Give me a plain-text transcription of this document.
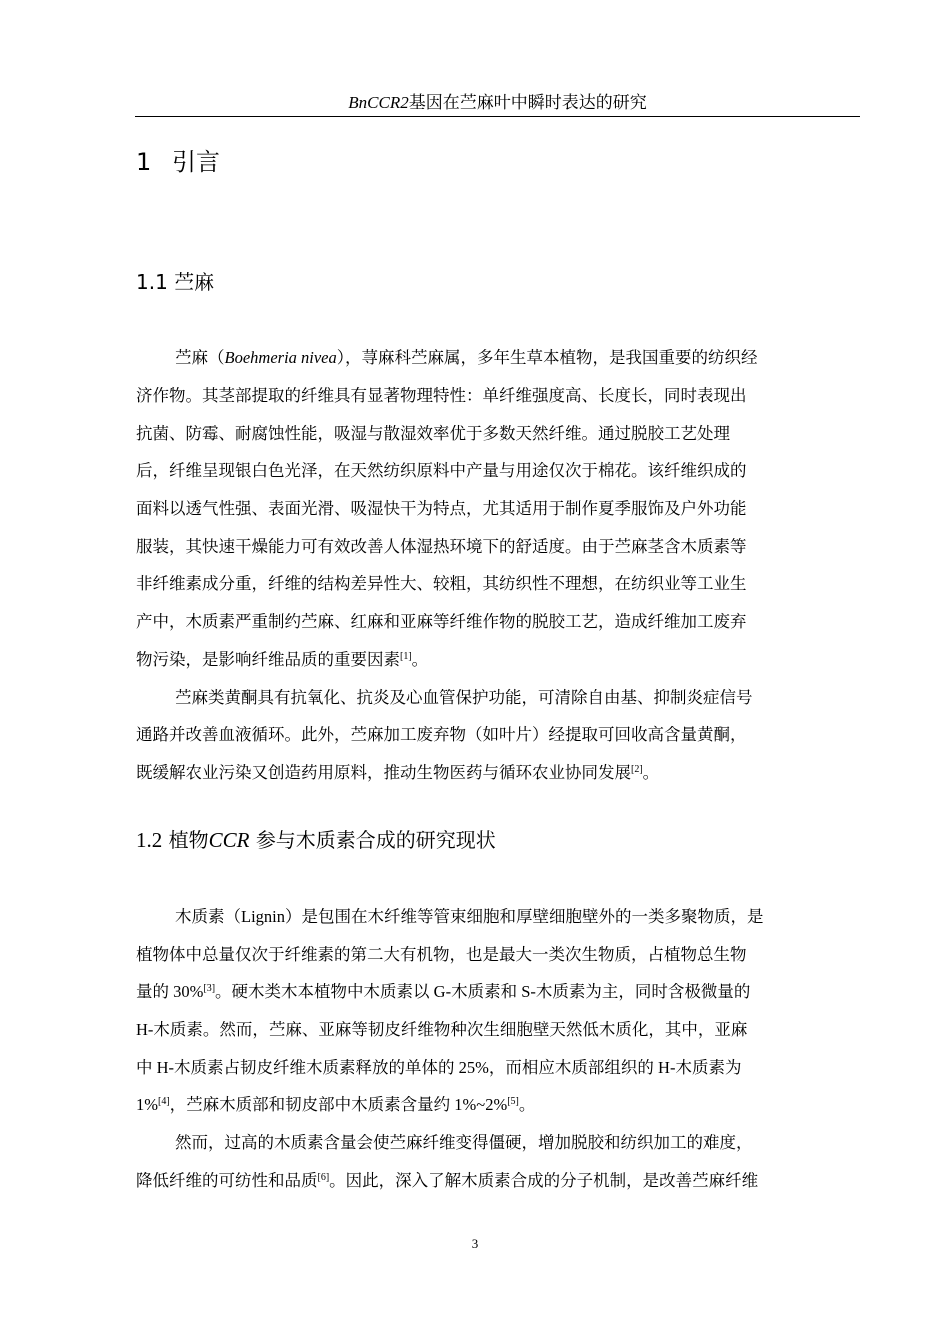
BnCCR2基因在苎麻叶中瞬时表达的研究
1 引言
1.1 苎麻
苎麻（Boehmeria nivea），荨麻科苎麻属，多年生草本植物，是我国重要的纺织经
济作物。其茎部提取的纤维具有显著物理特性：单纤维强度高、长度长，同时表现出
抗菌、防霉、耐腐蚀性能，吸湿与散湿效率优于多数天然纤维。通过脱胶工艺处理
后，纤维呈现银白色光泽，在天然纺织原料中产量与用途仅次于棉花。该纤维织成的
面料以透气性强、表面光滑、吸湿快干为特点，尤其适用于制作夏季服饰及户外功能
服装，其快速干燥能力可有效改善人体湿热环境下的舒适度。由于苎麻茎含木质素等
非纤维素成分重，纤维的结构差异性大、较粗，其纺织性不理想，在纺织业等工业生
产中，木质素严重制约苎麻、红麻和亚麻等纤维作物的脱胶工艺，造成纤维加工废弃
物污染，是影响纤维品质的重要因素[1]。
苎麻类黄酮具有抗氧化、抗炎及心血管保护功能，可清除自由基、抑制炎症信号
通路并改善血液循环。此外，苎麻加工废弃物（如叶片）经提取可回收高含量黄酮，
既缓解农业污染又创造药用原料，推动生物医药与循环农业协同发展[2]。
1.2 植物CCR 参与木质素合成的研究现状
木质素（Lignin）是包围在木纤维等管束细胞和厚壁细胞壁外的一类多聚物质，是
植物体中总量仅次于纤维素的第二大有机物，也是最大一类次生物质，占植物总生物
量的 30%[3]。硬木类木本植物中木质素以 G-木质素和 S-木质素为主，同时含极微量的
H-木质素。然而，苎麻、亚麻等韧皮纤维物种次生细胞壁天然低木质化，其中，亚麻
中 H-木质素占韧皮纤维木质素释放的单体的 25%，而相应木质部组织的 H-木质素为
1%[4]，苎麻木质部和韧皮部中木质素含量约 1%~2%[5]。
然而，过高的木质素含量会使苎麻纤维变得僵硬，增加脱胶和纺织加工的难度，
降低纤维的可纺性和品质[6]。因此，深入了解木质素合成的分子机制，是改善苎麻纤维
3
